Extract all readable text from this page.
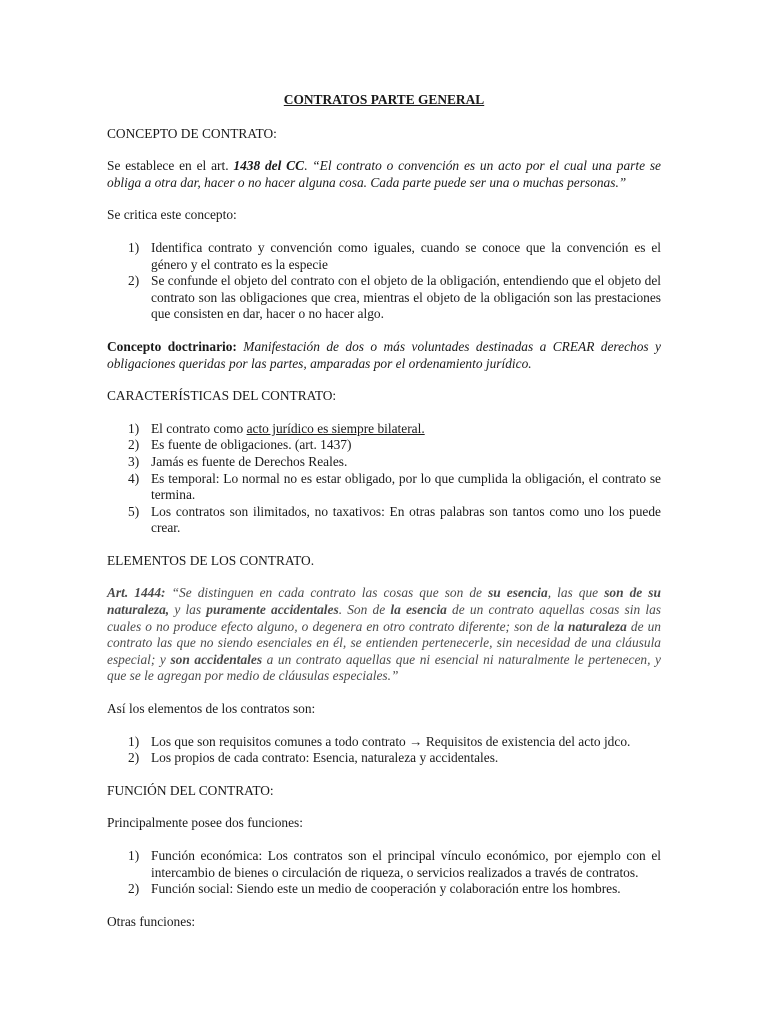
CONTRATOS PARTE GENERAL
CONCEPTO DE CONTRATO:

Se establece en el art. 1438 del CC. “El contrato o convención es un acto por el cual una parte se obliga a otra dar, hacer o no hacer alguna cosa. Cada parte puede ser una o muchas personas.”

Se critica este concepto:

1) Identifica contrato y convención como iguales, cuando se conoce que la convención es el género y el contrato es la especie
2) Se confunde el objeto del contrato con el objeto de la obligación, entendiendo que el objeto del contrato son las obligaciones que crea, mientras el objeto de la obligación son las prestaciones que consisten en dar, hacer o no hacer algo.

Concepto doctrinario: Manifestación de dos o más voluntades destinadas a CREAR derechos y obligaciones queridas por las partes, amparadas por el ordenamiento jurídico.

CARACTERÍSTICAS DEL CONTRATO:
1) El contrato como acto jurídico es siempre bilateral.
2) Es fuente de obligaciones. (art. 1437)
3) Jamás es fuente de Derechos Reales.
4) Es temporal: Lo normal no es estar obligado, por lo que cumplida la obligación, el contrato se termina.
5) Los contratos son ilimitados, no taxativos: En otras palabras son tantos como uno los puede crear.
ELEMENTOS DE LOS CONTRATO.

Art. 1444: “Se distinguen en cada contrato las cosas que son de su esencia, las que son de su naturaleza, y las puramente accidentales. Son de la esencia de un contrato aquellas cosas sin las cuales o no produce efecto alguno, o degenera en otro contrato diferente; son de la naturaleza de un contrato las que no siendo esenciales en él, se entienden pertenecerle, sin necesidad de una cláusula especial; y son accidentales a un contrato aquellas que ni esencial ni naturalmente le pertenecen, y que se le agregan por medio de cláusulas especiales.”

Así los elementos de los contratos son:

1) Los que son requisitos comunes a todo contrato → Requisitos de existencia del acto jdco.
2) Los propios de cada contrato: Esencia, naturaleza y accidentales.
FUNCIÓN DEL CONTRATO:

Principalmente posee dos funciones:

1) Función económica: Los contratos son el principal vínculo económico, por ejemplo con el intercambio de bienes o circulación de riqueza, o servicios realizados a través de contratos.
2) Función social: Siendo este un medio de cooperación y colaboración entre los hombres.

Otras funciones:
